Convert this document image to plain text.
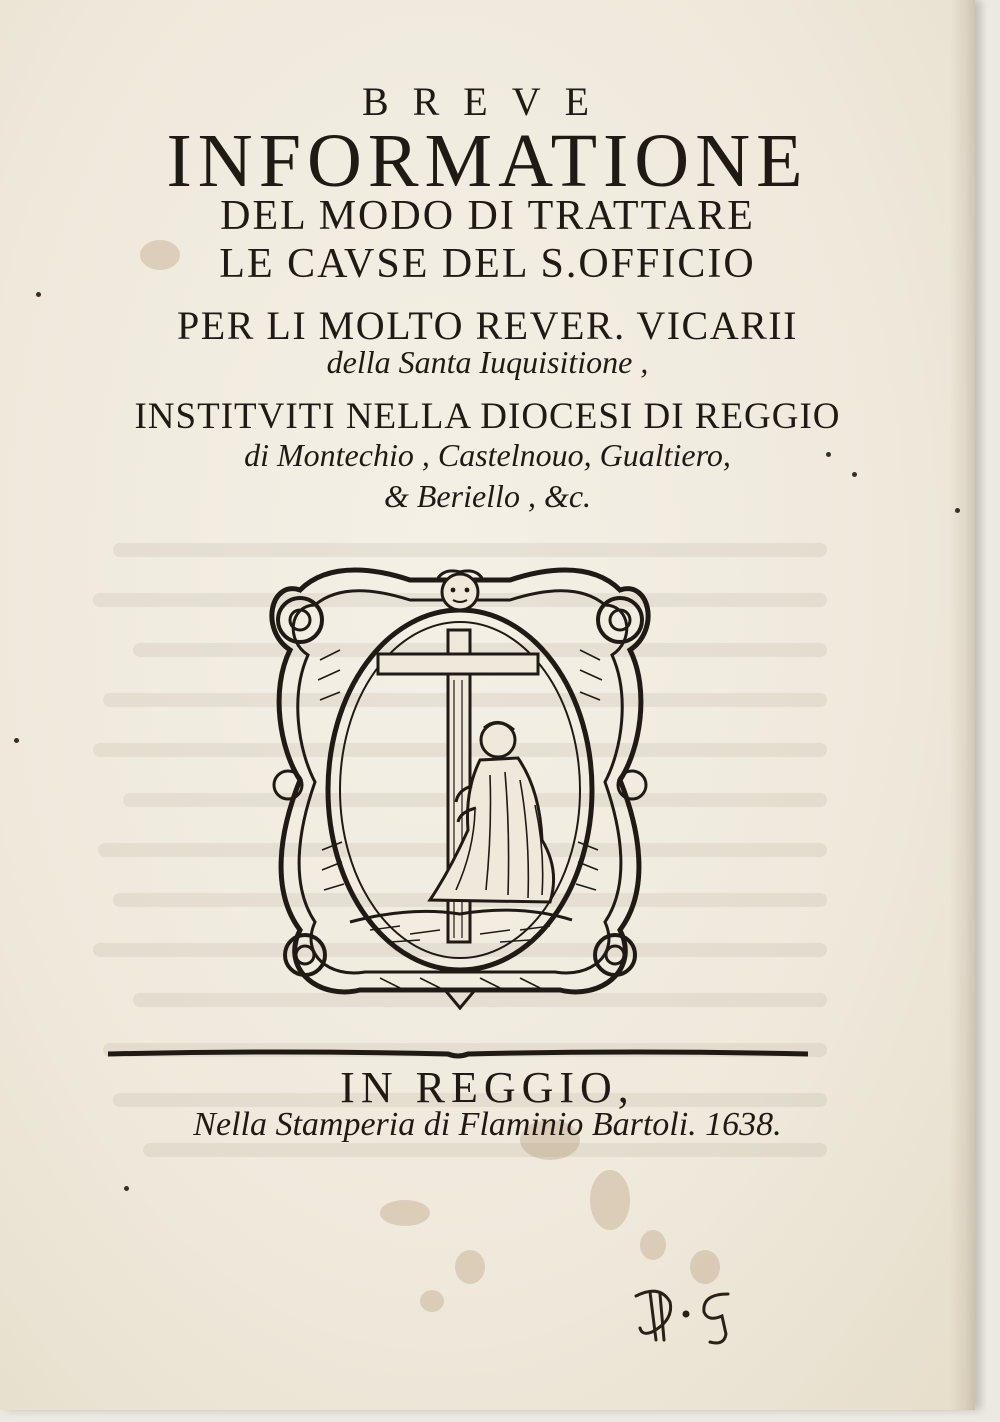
BREVE
INFORMATIONE
DEL MODO DI TRATTARE
LE CAVSE DEL S.OFFICIO
PER LI MOLTO REVER. VICARII
della Santa Iuquisitione ,
INSTITVITI NELLA DIOCESI DI REGGIO
di Montechio , Castelnouo, Gualtiero,
& Beriello , &c.
IN REGGIO,
Nella Stamperia di Flaminio Bartoli. 1638.
